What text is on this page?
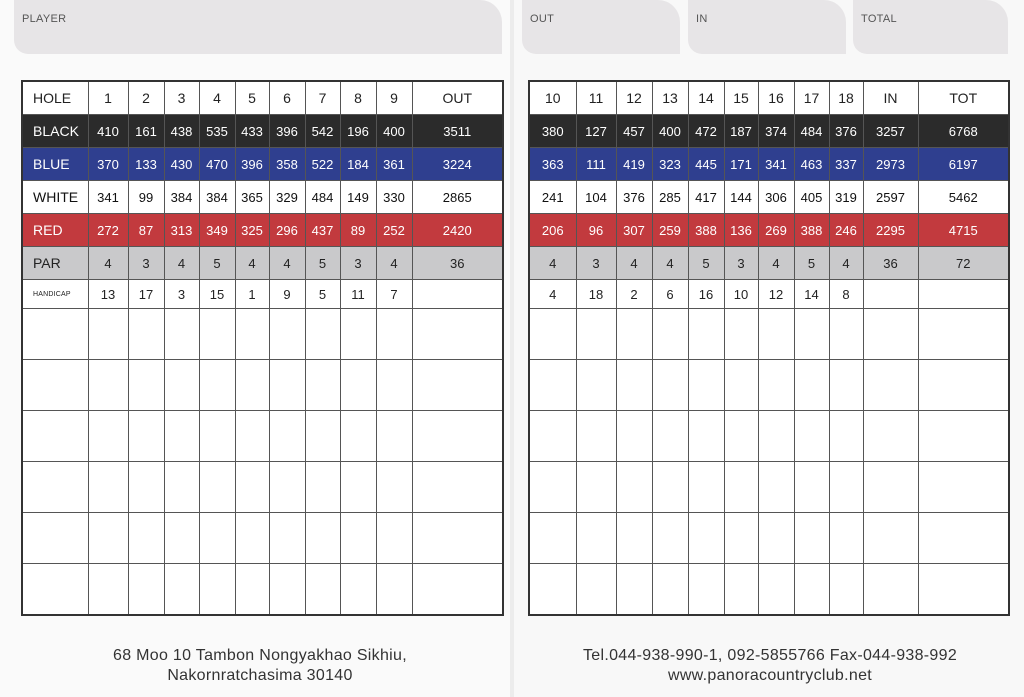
PLAYER	OUT	IN	TOTAL
HOLE	1	2	3	4	5	6	7	8	9	OUT
BLACK	410	161	438	535	433	396	542	196	400	3511
BLUE	370	133	430	470	396	358	522	184	361	3224
WHITE	341	99	384	384	365	329	484	149	330	2865
RED	272	87	313	349	325	296	437	89	252	2420
PAR	4	3	4	5	4	4	5	3	4	36
HANDICAP	13	17	3	15	1	9	5	11	7	

10	11	12	13	14	15	16	17	18	IN	TOT
380	127	457	400	472	187	374	484	376	3257	6768
363	111	419	323	445	171	341	463	337	2973	6197
241	104	376	285	417	144	306	405	319	2597	5462
206	96	307	259	388	136	269	388	246	2295	4715
4	3	4	4	5	3	4	5	4	36	72
4	18	2	6	16	10	12	14	8		

68 Moo 10 Tambon Nongyakhao Sikhiu,
Nakornratchasima 30140
Tel.044-938-990-1, 092-5855766 Fax-044-938-992
www.panoracountryclub.net
